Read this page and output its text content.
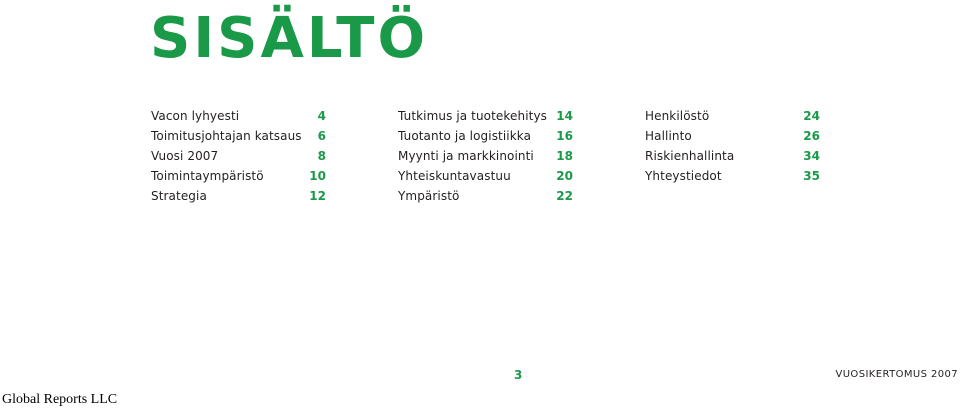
SISÄLTÖ
Vacon lyhyesti	4
Toimitusjohtajan katsaus 6
Vuosi 2007	8
Toimintaympäristö	10
Strategia	12
Tutkimus ja tuotekehitys 14
Tuotanto ja logistiikka 16
Myynti ja markkinointi 18
Yhteiskuntavastuu	20
Ympäristö	22
Henkilöstö	24
Hallinto	26
Riskienhallinta	34
Yhteystiedot	35
3	VUOSIKERTOMUS 2007
Global Reports LLC
